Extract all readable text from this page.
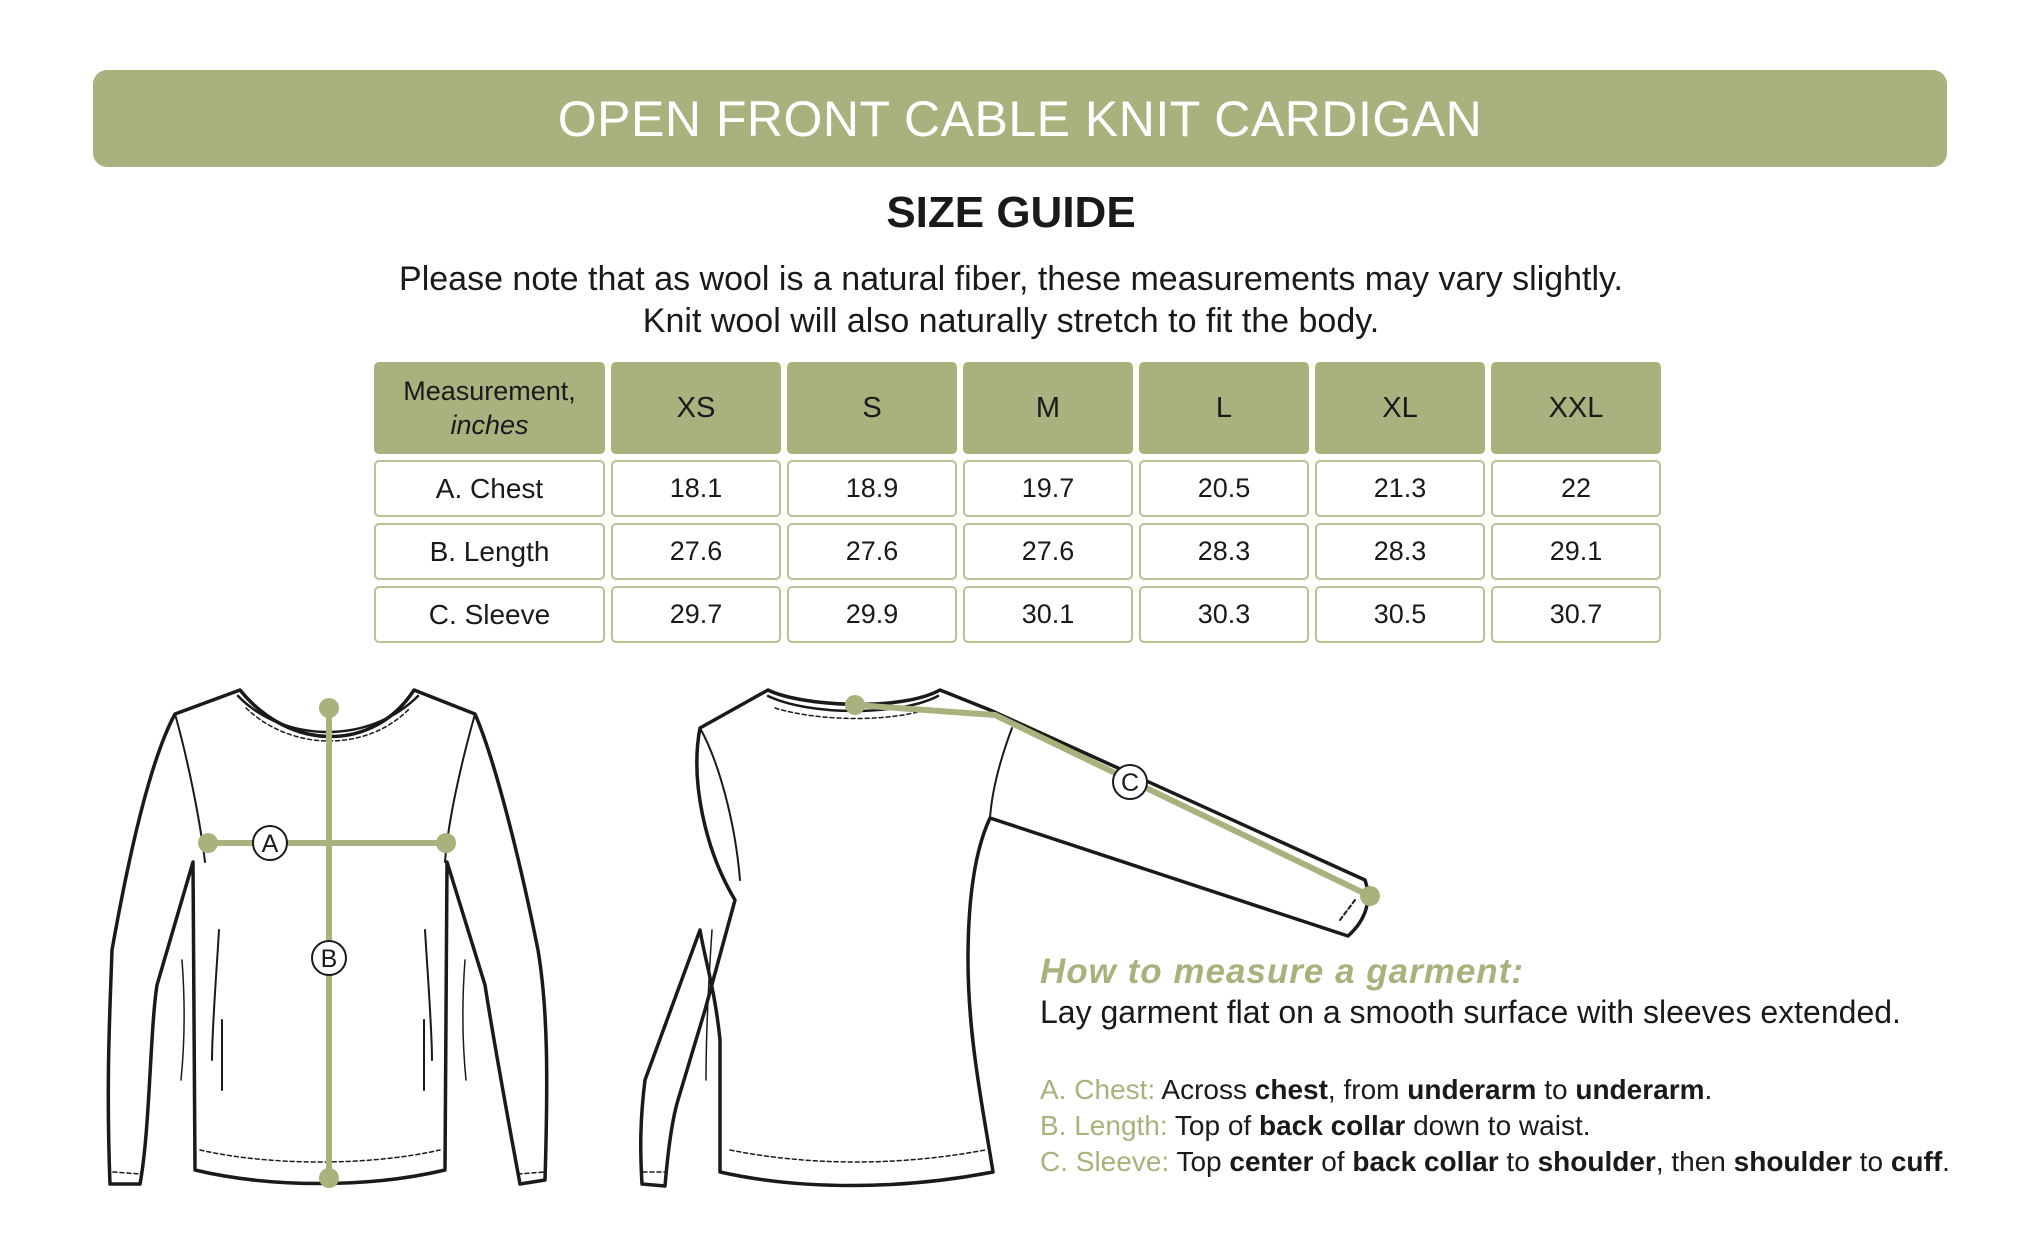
OPEN FRONT CABLE KNIT CARDIGAN
SIZE GUIDE
Please note that as wool is a natural fiber, these measurements may vary slightly.
Knit wool will also naturally stretch to fit the body.
Measurement,
inches
XS	S	M	L	XL	XXL
A. Chest	18.1	18.9	19.7	20.5	21.3	22
B. Length	27.6	27.6	27.6	28.3	28.3	29.1
C. Sleeve	29.7	29.9	30.1	30.3	30.5	30.7
A
B
C
How to measure a garment:
Lay garment flat on a smooth surface with sleeves extended.
A. Chest: Across chest, from underarm to underarm.
B. Length: Top of back collar down to waist.
C. Sleeve: Top center of back collar to shoulder, then shoulder to cuff.
